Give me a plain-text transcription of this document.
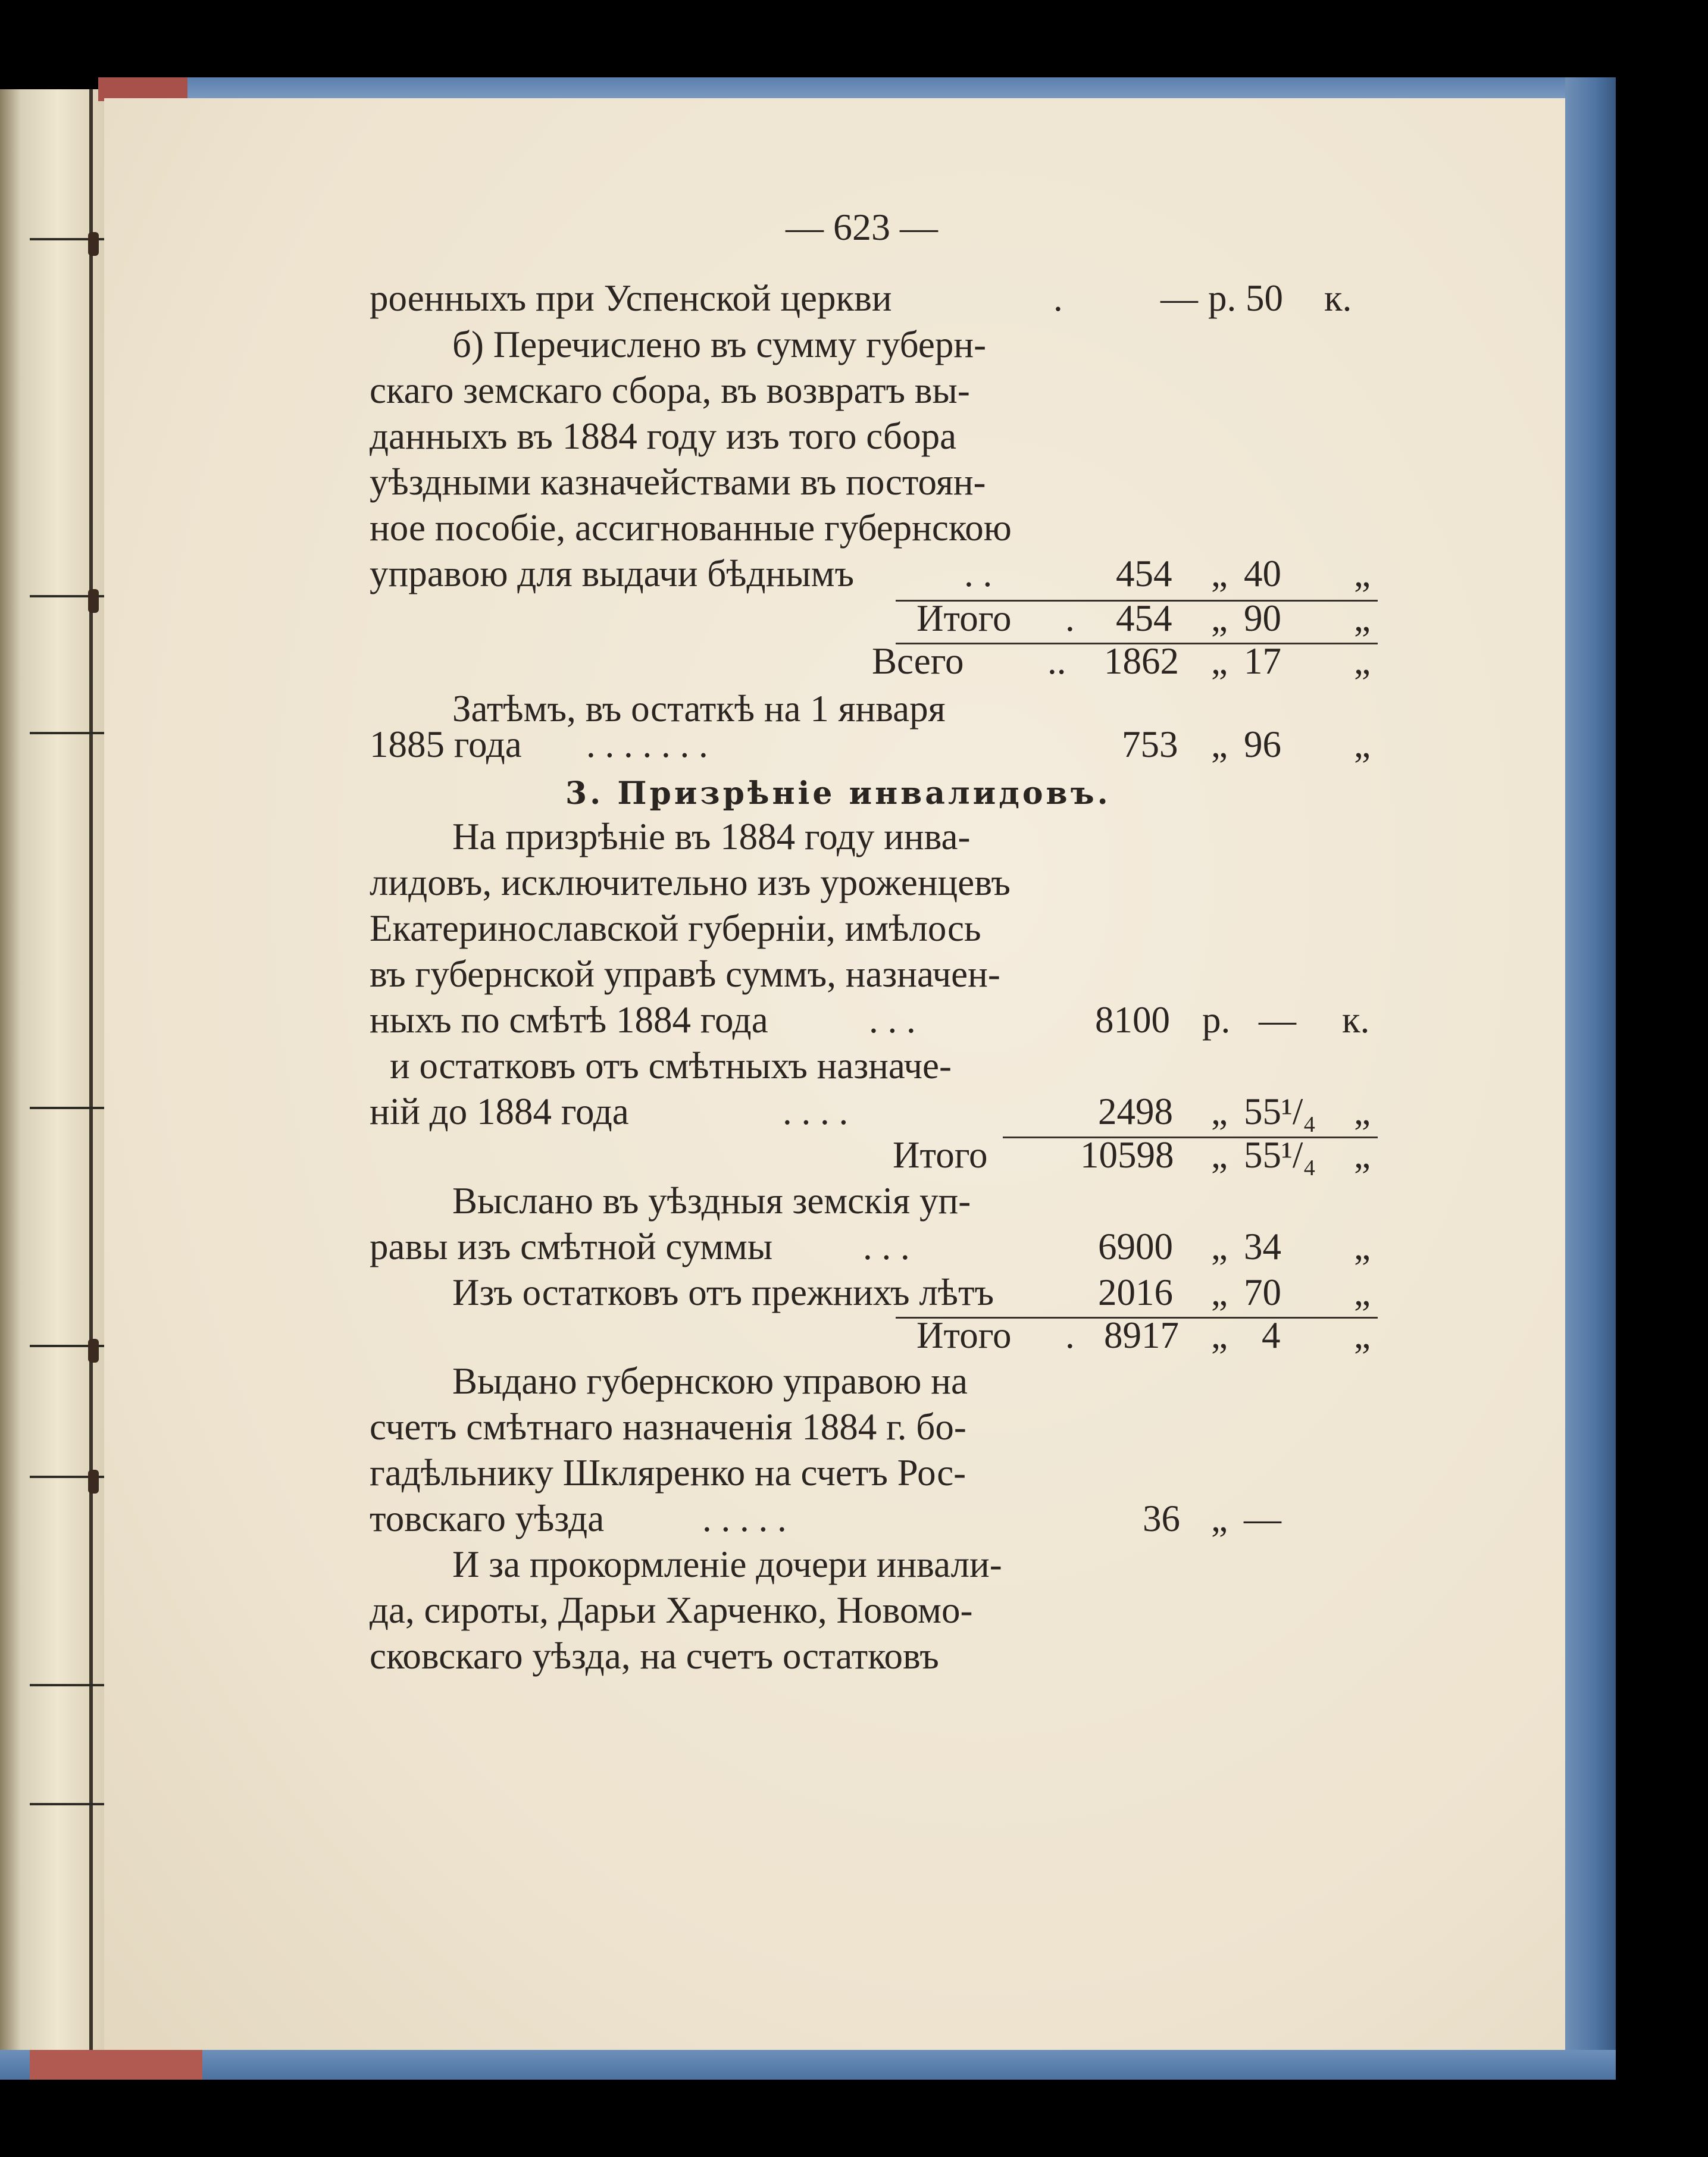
— 623 —
роенныхъ при Успенской церкви	.	— р. 50 к.
б) Перечислено въ сумму губерн-
скаго земскаго сбора, въ возвратъ вы-
данныхъ въ 1884 году изъ того сбора
уѣздными казначействами въ постоян-
ное пособіе, ассигнованные губернскою
управою для выдачи бѣднымъ	. .	454 „ 40 „
Итого . 454 „ 90 „
Всего .. 1862 „ 17 „
Затѣмъ, въ остаткѣ на 1 января
1885 года . . . . . . .	753 „ 96 „
3. Призрѣніе инвалидовъ.
На призрѣніе въ 1884 году инва-
лидовъ, исключительно изъ уроженцевъ
Екатеринославской губерніи, имѣлось
въ губернской управѣ суммъ, назначен-
ныхъ по смѣтѣ 1884 года	. . .	8100 р. — к.
и остатковъ отъ смѣтныхъ назначе-
ній до 1884 года	. . . .	2498 „ 55¹/₄ „
Итого 10598 „ 55¹/₄ „
Выслано въ уѣздныя земскія уп-
равы изъ смѣтной суммы . . .	6900 „ 34 „
Изъ остатковъ отъ прежнихъ лѣтъ	2016 „ 70 „
Итого . 8917 „ 4 „
Выдано губернскою управою на
счетъ смѣтнаго назначенія 1884 г. бо-
гадѣльнику Шкляренко на счетъ Рос-
товскаго уѣзда	. . . . .	36 „ —
И за прокормленіе дочери инвали-
да, сироты, Дарьи Харченко, Новомо-
сковскаго уѣзда, на счетъ остатковъ
